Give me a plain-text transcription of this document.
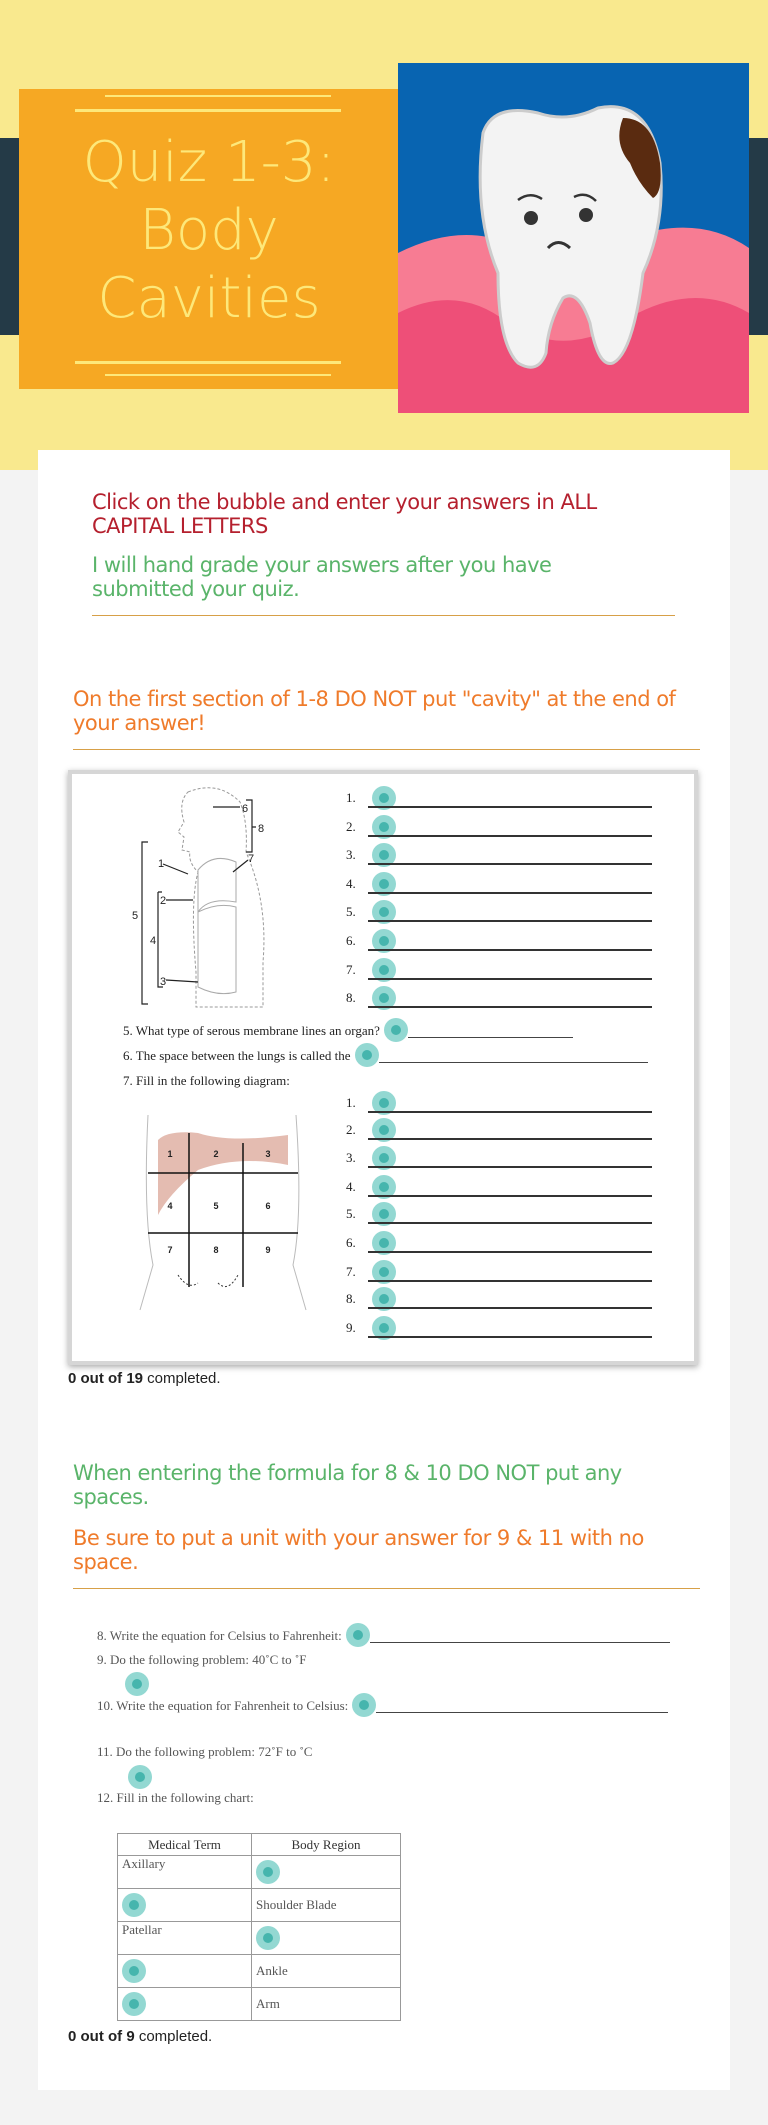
Quiz 1-3:
Body
Cavities
Click on the bubble and enter your answers in ALL CAPITAL LETTERS
I will hand grade your answers after you have submitted your quiz.
On the first section of 1-8 DO NOT put "cavity" at the end of your answer!
1
2
3
4
5
6
7
8
1.
2.
3.
4.
5.
6.
7.
8.
5. What type of serous membrane lines an organ?
6. The space between the lungs is called the
7. Fill in the following diagram:
1	2	3
4	5	6
7	8	9
1.
2.
3.
4.
5.
6.
7.
8.
9.
0 out of 19 completed.
When entering the formula for 8 & 10 DO NOT put any spaces.
Be sure to put a unit with your answer for 9 & 11 with no space.
8. Write the equation for Celsius to Fahrenheit:
9. Do the following problem: 40˚C to ˚F
10. Write the equation for Fahrenheit to Celsius:
11. Do the following problem: 72˚F to ˚C
12. Fill in the following chart:
Medical Term	Body Region
Axillary	
	Shoulder Blade
Patellar	
	Ankle
	Arm
0 out of 9 completed.
